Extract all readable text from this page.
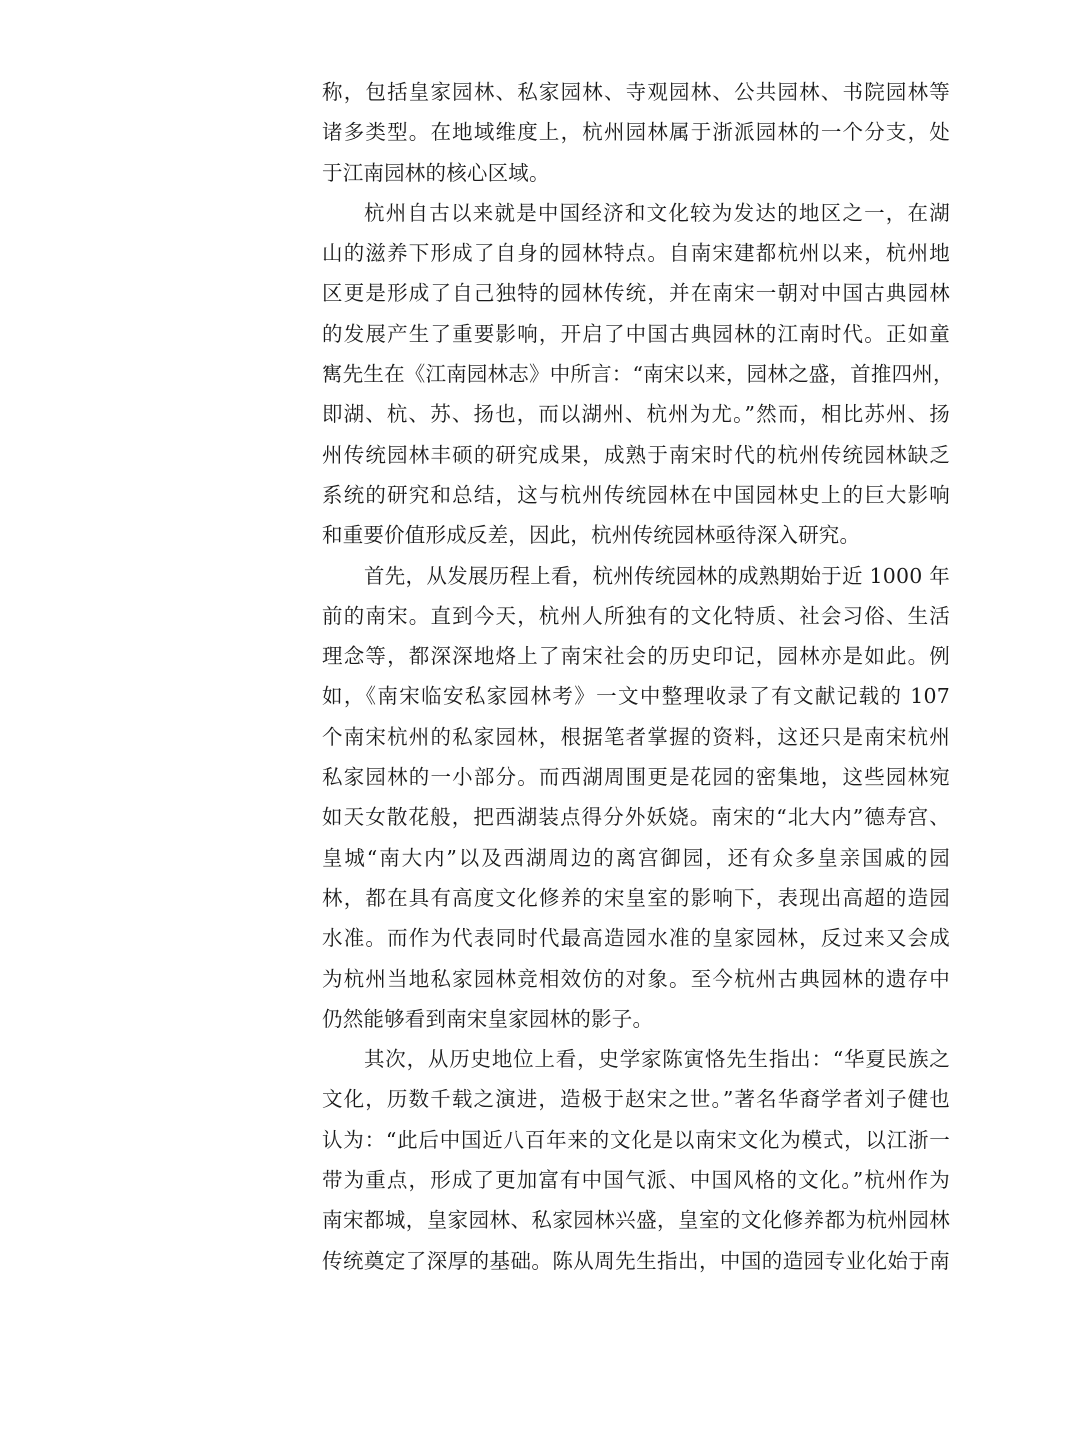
称，包括皇家园林、私家园林、寺观园林、公共园林、书院园林等
诸多类型。在地域维度上，杭州园林属于浙派园林的一个分支，处
于江南园林的核心区域。
杭州自古以来就是中国经济和文化较为发达的地区之一，在湖
山的滋养下形成了自身的园林特点。自南宋建都杭州以来，杭州地
区更是形成了自己独特的园林传统，并在南宋一朝对中国古典园林
的发展产生了重要影响，开启了中国古典园林的江南时代。正如童
寯先生在《江南园林志》中所言：“南宋以来，园林之盛，首推四州，
即湖、杭、苏、扬也，而以湖州、杭州为尤。”然而，相比苏州、扬
州传统园林丰硕的研究成果，成熟于南宋时代的杭州传统园林缺乏
系统的研究和总结，这与杭州传统园林在中国园林史上的巨大影响
和重要价值形成反差，因此，杭州传统园林亟待深入研究。
首先，从发展历程上看，杭州传统园林的成熟期始于近 1000 年
前的南宋。直到今天，杭州人所独有的文化特质、社会习俗、生活
理念等，都深深地烙上了南宋社会的历史印记，园林亦是如此。例
如，《南宋临安私家园林考》一文中整理收录了有文献记载的 107
个南宋杭州的私家园林，根据笔者掌握的资料，这还只是南宋杭州
私家园林的一小部分。而西湖周围更是花园的密集地，这些园林宛
如天女散花般，把西湖装点得分外妖娆。南宋的“北大内”德寿宫、
皇城“南大内”以及西湖周边的离宫御园，还有众多皇亲国戚的园
林，都在具有高度文化修养的宋皇室的影响下，表现出高超的造园
水准。而作为代表同时代最高造园水准的皇家园林，反过来又会成
为杭州当地私家园林竞相效仿的对象。至今杭州古典园林的遗存中
仍然能够看到南宋皇家园林的影子。
其次，从历史地位上看，史学家陈寅恪先生指出：“华夏民族之
文化，历数千载之演进，造极于赵宋之世。”著名华裔学者刘子健也
认为：“此后中国近八百年来的文化是以南宋文化为模式，以江浙一
带为重点，形成了更加富有中国气派、中国风格的文化。”杭州作为
南宋都城，皇家园林、私家园林兴盛，皇室的文化修养都为杭州园林
传统奠定了深厚的基础。陈从周先生指出，中国的造园专业化始于南
